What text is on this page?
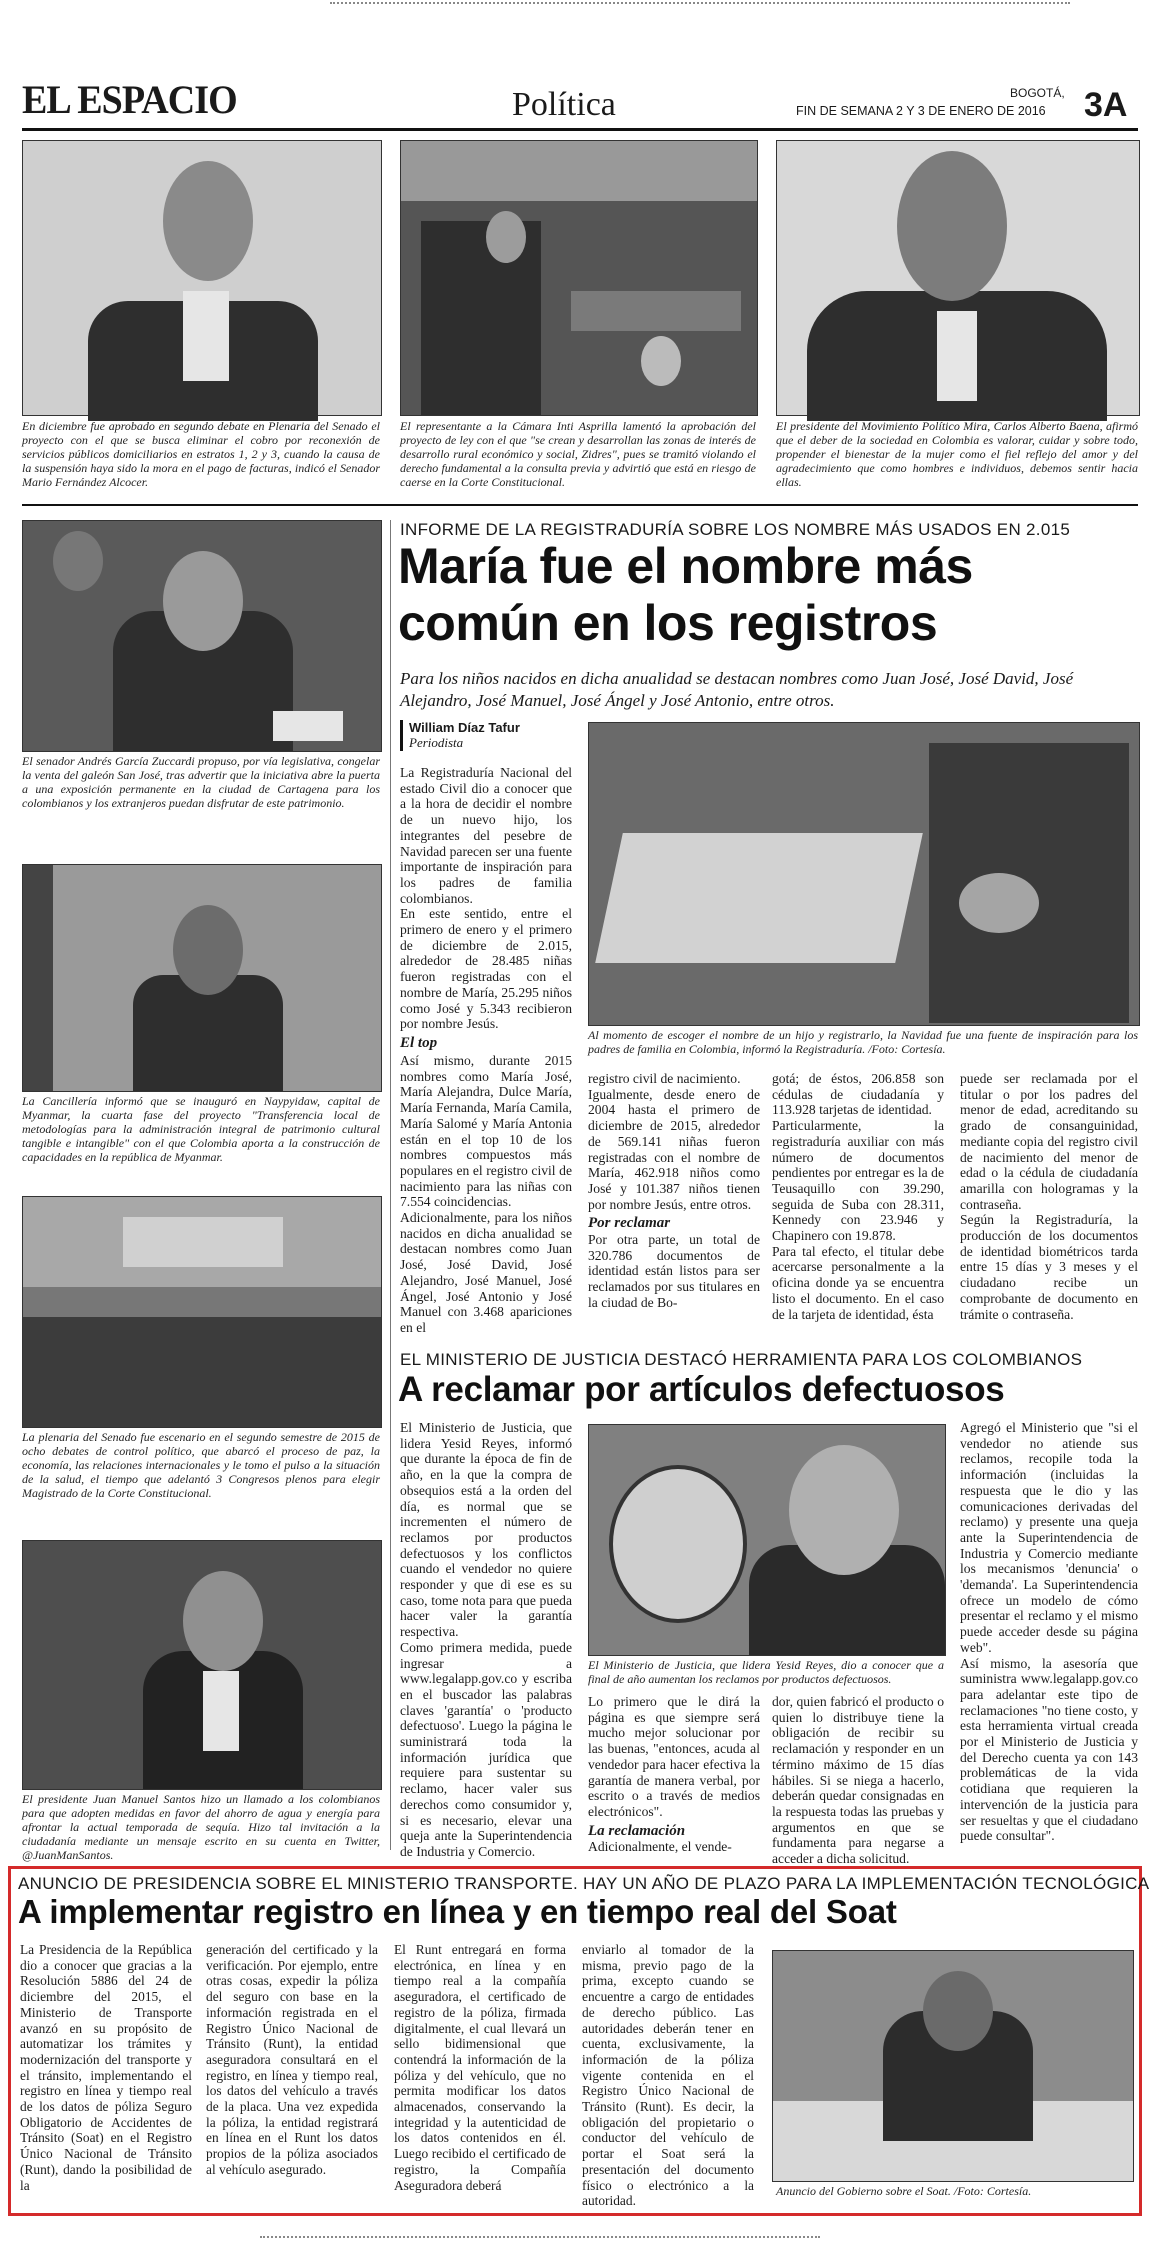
EL ESPACIO	Política	BOGOTÁ,
FIN DE SEMANA 2 Y 3 DE ENERO DE 2016 3A
En diciembre fue aprobado en segundo debate en Plenaria del Senado el proyecto con el que se busca eliminar el cobro por reconexión de servicios públicos domiciliarios en estratos 1, 2 y 3, cuando la causa de la suspensión haya sido la mora en el pago de facturas, indicó el Senador Mario Fernández Alcocer.
El representante a la Cámara Inti Asprilla lamentó la aprobación del proyecto de ley con el que "se crean y desarrollan las zonas de interés de desarrollo rural económico y social, Zidres", pues se tramitó violando el derecho fundamental a la consulta previa y advirtió que está en riesgo de caerse en la Corte Constitucional.
El presidente del Movimiento Político Mira, Carlos Alberto Baena, afirmó que el deber de la sociedad en Colombia es valorar, cuidar y sobre todo, propender el bienestar de la mujer como el fiel reflejo del amor y del agradecimiento que como hombres e individuos, debemos sentir hacia ellas.
El senador Andrés García Zuccardi propuso, por vía legislativa, congelar la venta del galeón San José, tras advertir que la iniciativa abre la puerta a una exposición permanente en la ciudad de Cartagena para los colombianos y los extranjeros puedan disfrutar de este patrimonio.
La Cancillería informó que se inauguró en Naypyidaw, capital de Myanmar, la cuarta fase del proyecto "Transferencia local de metodologías para la administración integral de patrimonio cultural tangible e intangible" con el que Colombia aporta a la construcción de capacidades en la república de Myanmar.
La plenaria del Senado fue escenario en el segundo semestre de 2015 de ocho debates de control político, que abarcó el proceso de paz, la economía, las relaciones internacionales y le tomo el pulso a la situación de la salud, el tiempo que adelantó 3 Congresos plenos para elegir Magistrado de la Corte Constitucional.
El presidente Juan Manuel Santos hizo un llamado a los colombianos para que adopten medidas en favor del ahorro de agua y energía para afrontar la actual temporada de sequía. Hizo tal invitación a la ciudadanía mediante un mensaje escrito en su cuenta en Twitter, @JuanManSantos.
INFORME DE LA REGISTRADURÍA SOBRE LOS NOMBRE MÁS USADOS EN 2.015
María fue el nombre más
común en los registros
Para los niños nacidos en dicha anualidad se destacan nombres como Juan José, José David, José Alejandro, José Manuel, José Ángel y José Antonio, entre otros.
William Díaz Tafur
Periodista
La Registraduría Nacional del estado Civil dio a conocer que a la hora de decidir el nombre de un nuevo hijo, los integrantes del pesebre de Navidad parecen ser una fuente importante de inspiración para los padres de familia colombianos.
En este sentido, entre el primero de enero y el primero de diciembre de 2.015, alrededor de 28.485 niñas fueron registradas con el nombre de María, 25.295 niños como José y 5.343 recibieron por nombre Jesús.
El top
Así mismo, durante 2015 nombres como María José, María Alejandra, Dulce María, María Fernanda, María Camila, María Salomé y María Antonia están en el top 10 de los nombres compuestos más populares en el registro civil de nacimiento para las niñas con 7.554 coincidencias.
Adicionalmente, para los niños nacidos en dicha anualidad se destacan nombres como Juan José, José David, José Alejandro, José Manuel, José Ángel, José Antonio y José Manuel con 3.468 apariciones en el
Al momento de escoger el nombre de un hijo y registrarlo, la Navidad fue una fuente de inspiración para los padres de familia en Colombia, informó la Registraduría. /Foto: Cortesía.
registro civil de nacimiento.
Igualmente, desde enero de 2004 hasta el primero de diciembre de 2015, alrededor de 569.141 niñas fueron registradas con el nombre de María, 462.918 niños como José y 101.387 niños tienen por nombre Jesús, entre otros.
Por reclamar
Por otra parte, un total de 320.786 documentos de identidad están listos para ser reclamados por sus titulares en la ciudad de Bo-
gotá; de éstos, 206.858 son cédulas de ciudadanía y 113.928 tarjetas de identidad.
Particularmente, la registraduría auxiliar con más número de documentos pendientes por entregar es la de Teusaquillo con 39.290, seguida de Suba con 28.311, Kennedy con 23.946 y Chapinero con 19.878.
Para tal efecto, el titular debe acercarse personalmente a la oficina donde ya se encuentra listo el documento. En el caso de la tarjeta de identidad, ésta
puede ser reclamada por el titular o por los padres del menor de edad, acreditando su grado de consanguinidad, mediante copia del registro civil de nacimiento del menor de edad o la cédula de ciudadanía amarilla con hologramas y la contraseña.
Según la Registraduría, la producción de los documentos de identidad biométricos tarda entre 15 días y 3 meses y el ciudadano recibe un comprobante de documento en trámite o contraseña.
EL MINISTERIO DE JUSTICIA DESTACÓ HERRAMIENTA PARA LOS COLOMBIANOS
A reclamar por artículos defectuosos
El Ministerio de Justicia, que lidera Yesid Reyes, informó que durante la época de fin de año, en la que la compra de obsequios está a la orden del día, es normal que se incrementen el número de reclamos por productos defectuosos y los conflictos cuando el vendedor no quiere responder y que di ese es su caso, tome nota para que pueda hacer valer la garantía respectiva.
Como primera medida, puede ingresar a www.legalapp.gov.co y escriba en el buscador las palabras claves 'garantía' o 'producto defectuoso'. Luego la página le suministrará toda la información jurídica que requiere para sustentar su reclamo, hacer valer sus derechos como consumidor y, si es necesario, elevar una queja ante la Superintendencia de Industria y Comercio.
El Ministerio de Justicia, que lidera Yesid Reyes, dio a conocer que a final de año aumentan los reclamos por productos defectuosos.
Lo primero que le dirá la página es que siempre será mucho mejor solucionar por las buenas, "entonces, acuda al vendedor para hacer efectiva la garantía de manera verbal, por escrito o a través de medios electrónicos".
La reclamación
Adicionalmente, el vende-
dor, quien fabricó el producto o quien lo distribuye tiene la obligación de recibir su reclamación y responder en un término máximo de 15 días hábiles. Si se niega a hacerlo, deberán quedar consignadas en la respuesta todas las pruebas y argumentos en que se fundamenta para negarse a acceder a dicha solicitud.
Agregó el Ministerio que "si el vendedor no atiende sus reclamos, recopile toda la información (incluidas la respuesta que le dio y las comunicaciones derivadas del reclamo) y presente una queja ante la Superintendencia de Industria y Comercio mediante los mecanismos 'denuncia' o 'demanda'. La Superintendencia ofrece un modelo de cómo presentar el reclamo y el mismo puede acceder desde su página web".
Así mismo, la asesoría que suministra www.legalapp.gov.co para adelantar este tipo de reclamaciones "no tiene costo, y esta herramienta virtual creada por el Ministerio de Justicia y del Derecho cuenta ya con 143 problemáticas de la vida cotidiana que requieren la intervención de la justicia para ser resueltas y que el ciudadano puede consultar".
ANUNCIO DE PRESIDENCIA SOBRE EL MINISTERIO TRANSPORTE. HAY UN AÑO DE PLAZO PARA LA IMPLEMENTACIÓN TECNOLÓGICA
A implementar registro en línea y en tiempo real del Soat
La Presidencia de la República dio a conocer que gracias a la Resolución 5886 del 24 de diciembre del 2015, el Ministerio de Transporte avanzó en su propósito de automatizar los trámites y modernización del transporte y el tránsito, implementando el registro en línea y tiempo real de los datos de póliza Seguro Obligatorio de Accidentes de Tránsito (Soat) en el Registro Único Nacional de Tránsito (Runt), dando la posibilidad de la
generación del certificado y la verificación. Por ejemplo, entre otras cosas, expedir la póliza del seguro con base en la información registrada en el Registro Único Nacional de Tránsito (Runt), la entidad aseguradora consultará en el registro, en línea y tiempo real, los datos del vehículo a través de la placa. Una vez expedida la póliza, la entidad registrará en línea en el Runt los datos propios de la póliza asociados al vehículo asegurado.
El Runt entregará en forma electrónica, en línea y en tiempo real a la compañía aseguradora, el certificado de registro de la póliza, firmada digitalmente, el cual llevará un sello bidimensional que contendrá la información de la póliza y del vehículo, que no permita modificar los datos almacenados, conservando la integridad y la autenticidad de los datos contenidos en él. Luego recibido el certificado de registro, la Compañía Aseguradora deberá
enviarlo al tomador de la misma, previo pago de la prima, excepto cuando se encuentre a cargo de entidades de derecho público. Las autoridades deberán tener en cuenta, exclusivamente, la información de la póliza vigente contenida en el Registro Único Nacional de Tránsito (Runt). Es decir, la obligación del propietario o conductor del vehículo de portar el Soat será la presentación del documento físico o electrónico a la autoridad.
Anuncio del Gobierno sobre el Soat. /Foto: Cortesía.
